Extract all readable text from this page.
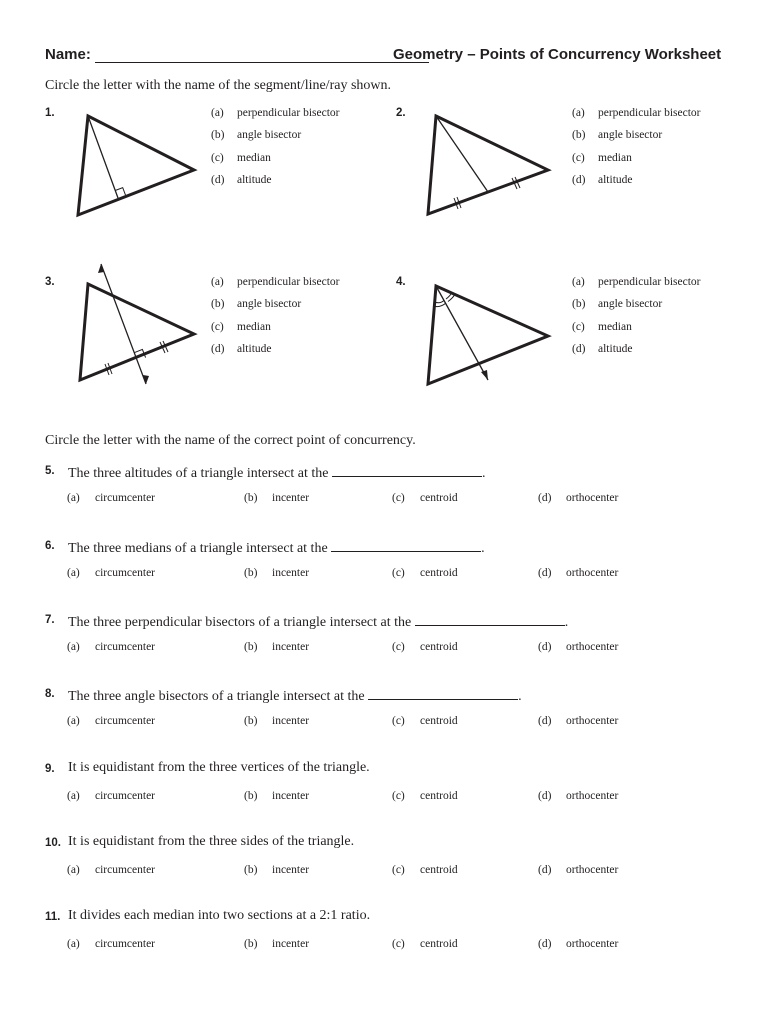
Name:	Geometry – Points of Concurrency Worksheet
Circle the letter with the name of the segment/line/ray shown.
1.	(a) perpendicular bisector
(b) angle bisector
(c) median
(d) altitude
2.	(a) perpendicular bisector
(b) angle bisector
(c) median
(d) altitude
3.	(a) perpendicular bisector
(b) angle bisector
(c) median
(d) altitude
4.	(a) perpendicular bisector
(b) angle bisector
(c) median
(d) altitude
Circle the letter with the name of the correct point of concurrency.
5. The three altitudes of a triangle intersect at the	.
(a) circumcenter	(b) incenter	(c) centroid	(d) orthocenter
6. The three medians of a triangle intersect at the	.
(a) circumcenter	(b) incenter	(c) centroid	(d) orthocenter
7. The three perpendicular bisectors of a triangle intersect at the	.
(a) circumcenter	(b) incenter	(c) centroid	(d) orthocenter
8. The three angle bisectors of a triangle intersect at the	.
(a) circumcenter	(b) incenter	(c) centroid	(d) orthocenter
9. It is equidistant from the three vertices of the triangle.
(a) circumcenter	(b) incenter	(c) centroid	(d) orthocenter
10. It is equidistant from the three sides of the triangle.
(a) circumcenter	(b) incenter	(c) centroid	(d) orthocenter
11. It divides each median into two sections at a 2:1 ratio.
(a) circumcenter	(b) incenter	(c) centroid	(d) orthocenter
